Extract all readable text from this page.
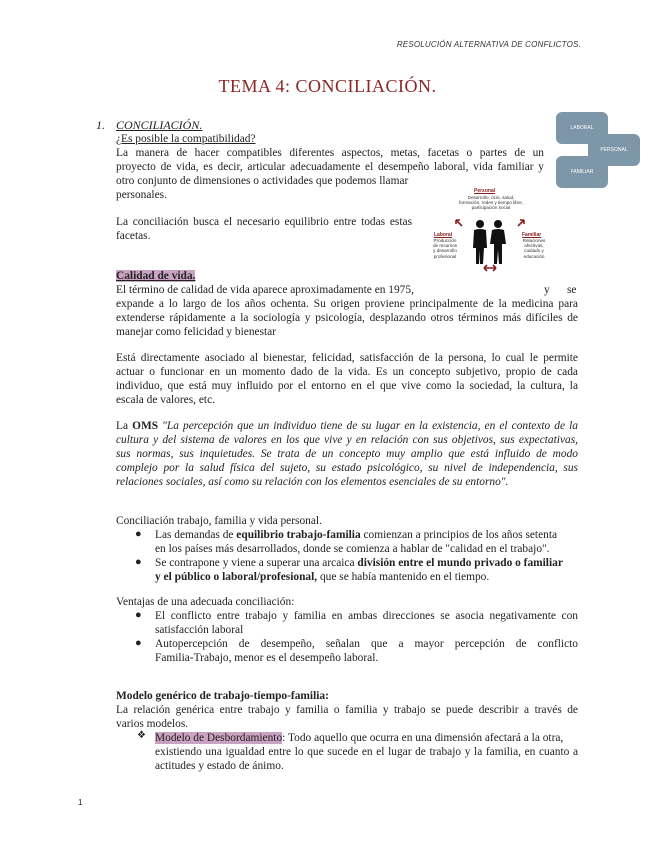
RESOLUCIÓN ALTERNATIVA DE CONFLICTOS.
TEMA 4: CONCILIACIÓN.
1. CONCILIACIÓN.
¿Es posible la compatibilidad?
La manera de hacer compatibles diferentes aspectos, metas, facetas o partes de un
proyecto de vida, es decir, articular adecuadamente el desempeño laboral, vida familiar y
otro conjunto de dimensiones o actividades que podemos llamar
personales.
La conciliación busca el necesario equilibrio entre todas estas
facetas.
LABORAL
PERSONAL
FAMILIAR
Personal
Desarrollo, ocio, salud, formación, redes y tiempo libre, participación social
Laboral
Producción de recursos y desarrollo profesional
Familiar
Relaciones afectivas, cuidado y educación
Calidad de vida.
El término de calidad de vida aparece aproximadamente en 1975,	y se
expande a lo largo de los años ochenta. Su origen proviene principalmente de la medicina para
extenderse rápidamente a la sociología y psicología, desplazando otros términos más difíciles de
manejar como felicidad y bienestar
Está directamente asociado al bienestar, felicidad, satisfacción de la persona, lo cual le permite
actuar o funcionar en un momento dado de la vida. Es un concepto subjetivo, propio de cada
individuo, que está muy influido por el entorno en el que vive como la sociedad, la cultura, la
escala de valores, etc.
La OMS "La percepción que un individuo tiene de su lugar en la existencia, en el contexto de la
cultura y del sistema de valores en los que vive y en relación con sus objetivos, sus expectativas,
sus normas, sus inquietudes. Se trata de un concepto muy amplio que está influido de modo
complejo por la salud física del sujeto, su estado psicológico, su nivel de independencia, sus
relaciones sociales, así como su relación con los elementos esenciales de su entorno".
Conciliación trabajo, familia y vida personal.
● Las demandas de equilibrio trabajo-familia comienzan a principios de los años setenta
en los países más desarrollados, donde se comienza a hablar de "calidad en el trabajo".
● Se contrapone y viene a superar una arcaica división entre el mundo privado o familiar
y el público o laboral/profesional, que se había mantenido en el tiempo.
Ventajas de una adecuada conciliación:
● El conflicto entre trabajo y familia en ambas direcciones se asocia negativamente con
satisfacción laboral
● Autopercepción de desempeño, señalan que a mayor percepción de conflicto
Familia-Trabajo, menor es el desempeño laboral.
Modelo genérico de trabajo-tiempo-familia:
La relación genérica entre trabajo y familia o familia y trabajo se puede describir a través de
varios modelos.
❖ Modelo de Desbordamiento: Todo aquello que ocurra en una dimensión afectará a la otra,
existiendo una igualdad entre lo que sucede en el lugar de trabajo y la familia, en cuanto a
actitudes y estado de ánimo.
1
